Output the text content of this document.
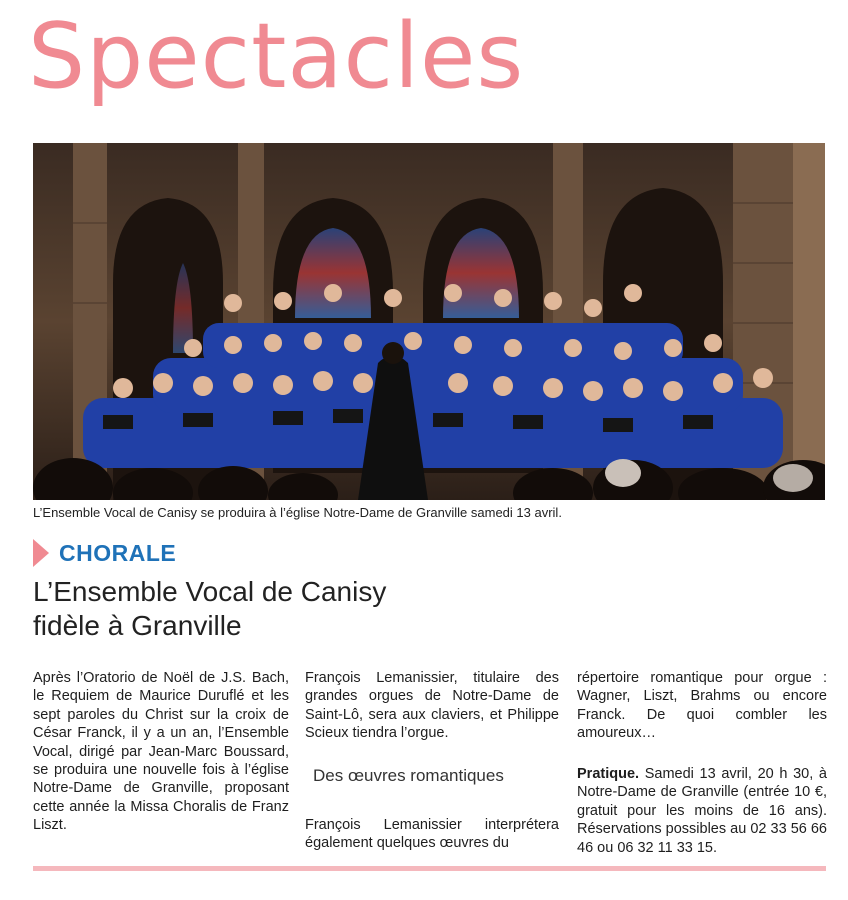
Spectacles
L’Ensemble Vocal de Canisy se produira à l’église Notre-Dame de Granville samedi 13 avril.
CHORALE
L’Ensemble Vocal de Canisy
fidèle à Granville

Après l’Oratorio de Noël de J.S. Bach, le Requiem de Maurice Duruflé et les sept paroles du Christ sur la croix de César Franck, il y a un an, l’Ensemble Vocal, dirigé par Jean-Marc Boussard, se produira une nouvelle fois à l’église Notre-Dame de Granville, proposant cette année la Missa Choralis de Franz Liszt.

François Lemanissier, titulaire des grandes orgues de Notre-Dame de Saint-Lô, sera aux claviers, et Philippe Scieux tiendra l’orgue.

Des œuvres romantiques

François Lemanissier interprétera également quelques œuvres du

répertoire romantique pour orgue : Wagner, Liszt, Brahms ou encore Franck. De quoi combler les amoureux…

Pratique. Samedi 13 avril, 20 h 30, à Notre-Dame de Granville (entrée 10 €, gratuit pour les moins de 16 ans). Réservations possibles au 02 33 56 66 46 ou 06 32 11 33 15.
